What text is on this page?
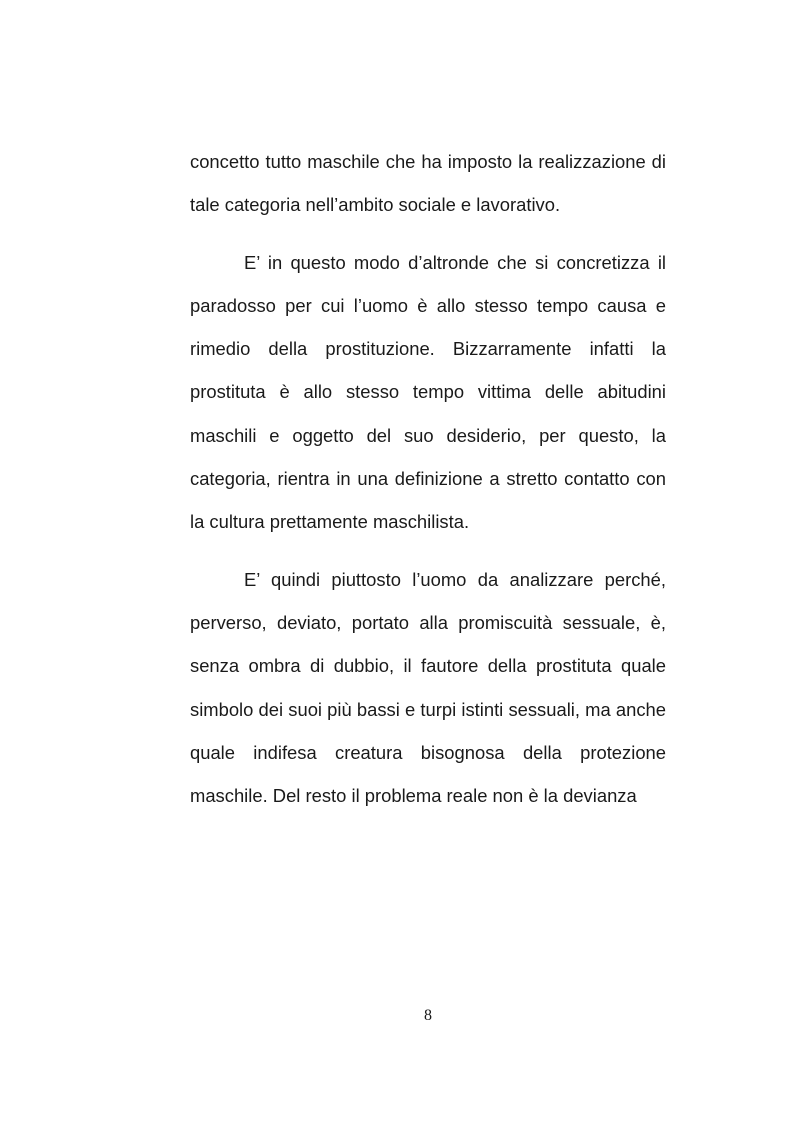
concetto tutto maschile che ha imposto la realizzazione di tale categoria nell’ambito sociale e lavorativo.

E’ in questo modo d’altronde che si concretizza il paradosso per cui l’uomo è allo stesso tempo causa e rimedio della prostituzione. Bizzarramente infatti la prostituta è allo stesso tempo vittima delle abitudini maschili e oggetto del suo desiderio, per questo, la categoria, rientra in una definizione a stretto contatto con la cultura prettamente maschilista.

E’ quindi piuttosto l’uomo da analizzare perché, perverso, deviato, portato alla promiscuità sessuale, è, senza ombra di dubbio, il fautore della prostituta quale simbolo dei suoi più bassi e turpi istinti sessuali, ma anche quale indifesa creatura bisognosa della protezione maschile. Del resto il problema reale non è la devianza

8
